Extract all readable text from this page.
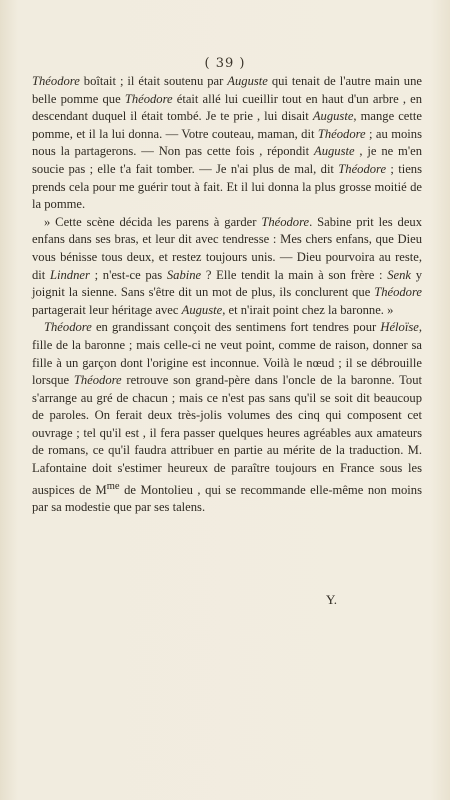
( 39 )

Théodore boîtait ; il était soutenu par Auguste qui tenait de l'autre main une belle pomme que Théodore était allé lui cueillir tout en haut d'un arbre , en descendant duquel il était tombé. Je te prie , lui disait Auguste, mange cette pomme, et il la lui donna. — Votre couteau, maman, dit Théodore ; au moins nous la partagerons. — Non pas cette fois , répondit Auguste , je ne m'en soucie pas ; elle t'a fait tomber. — Je n'ai plus de mal, dit Théodore ; tiens prends cela pour me guérir tout à fait. Et il lui donna la plus grosse moitié de la pomme.

» Cette scène décida les parens à garder Théodore. Sabine prit les deux enfans dans ses bras, et leur dit avec tendresse : Mes chers enfans, que Dieu vous bénisse tous deux, et restez toujours unis. — Dieu pourvoira au reste, dit Lindner ; n'est-ce pas Sabine ? Elle tendit la main à son frère : Senk y joignit la sienne. Sans s'être dit un mot de plus, ils conclurent que Théodore partagerait leur héritage avec Auguste, et n'irait point chez la baronne. »

Théodore en grandissant conçoit des sentimens fort tendres pour Héloïse, fille de la baronne ; mais celle-ci ne veut point, comme de raison, donner sa fille à un garçon dont l'origine est inconnue. Voilà le nœud ; il se débrouille lorsque Théodore retrouve son grand-père dans l'oncle de la baronne. Tout s'arrange au gré de chacun ; mais ce n'est pas sans qu'il se soit dit beaucoup de paroles. On ferait deux très-jolis volumes des cinq qui composent cet ouvrage ; tel qu'il est , il fera passer quelques heures agréables aux amateurs de romans, ce qu'il faudra attribuer en partie au mérite de la traduction. M. Lafontaine doit s'estimer heureux de paraître toujours en France sous les auspices de $M^{me}$ de Montolieu , qui se recommande elle-même non moins par sa modestie que par ses talens.

Y.
